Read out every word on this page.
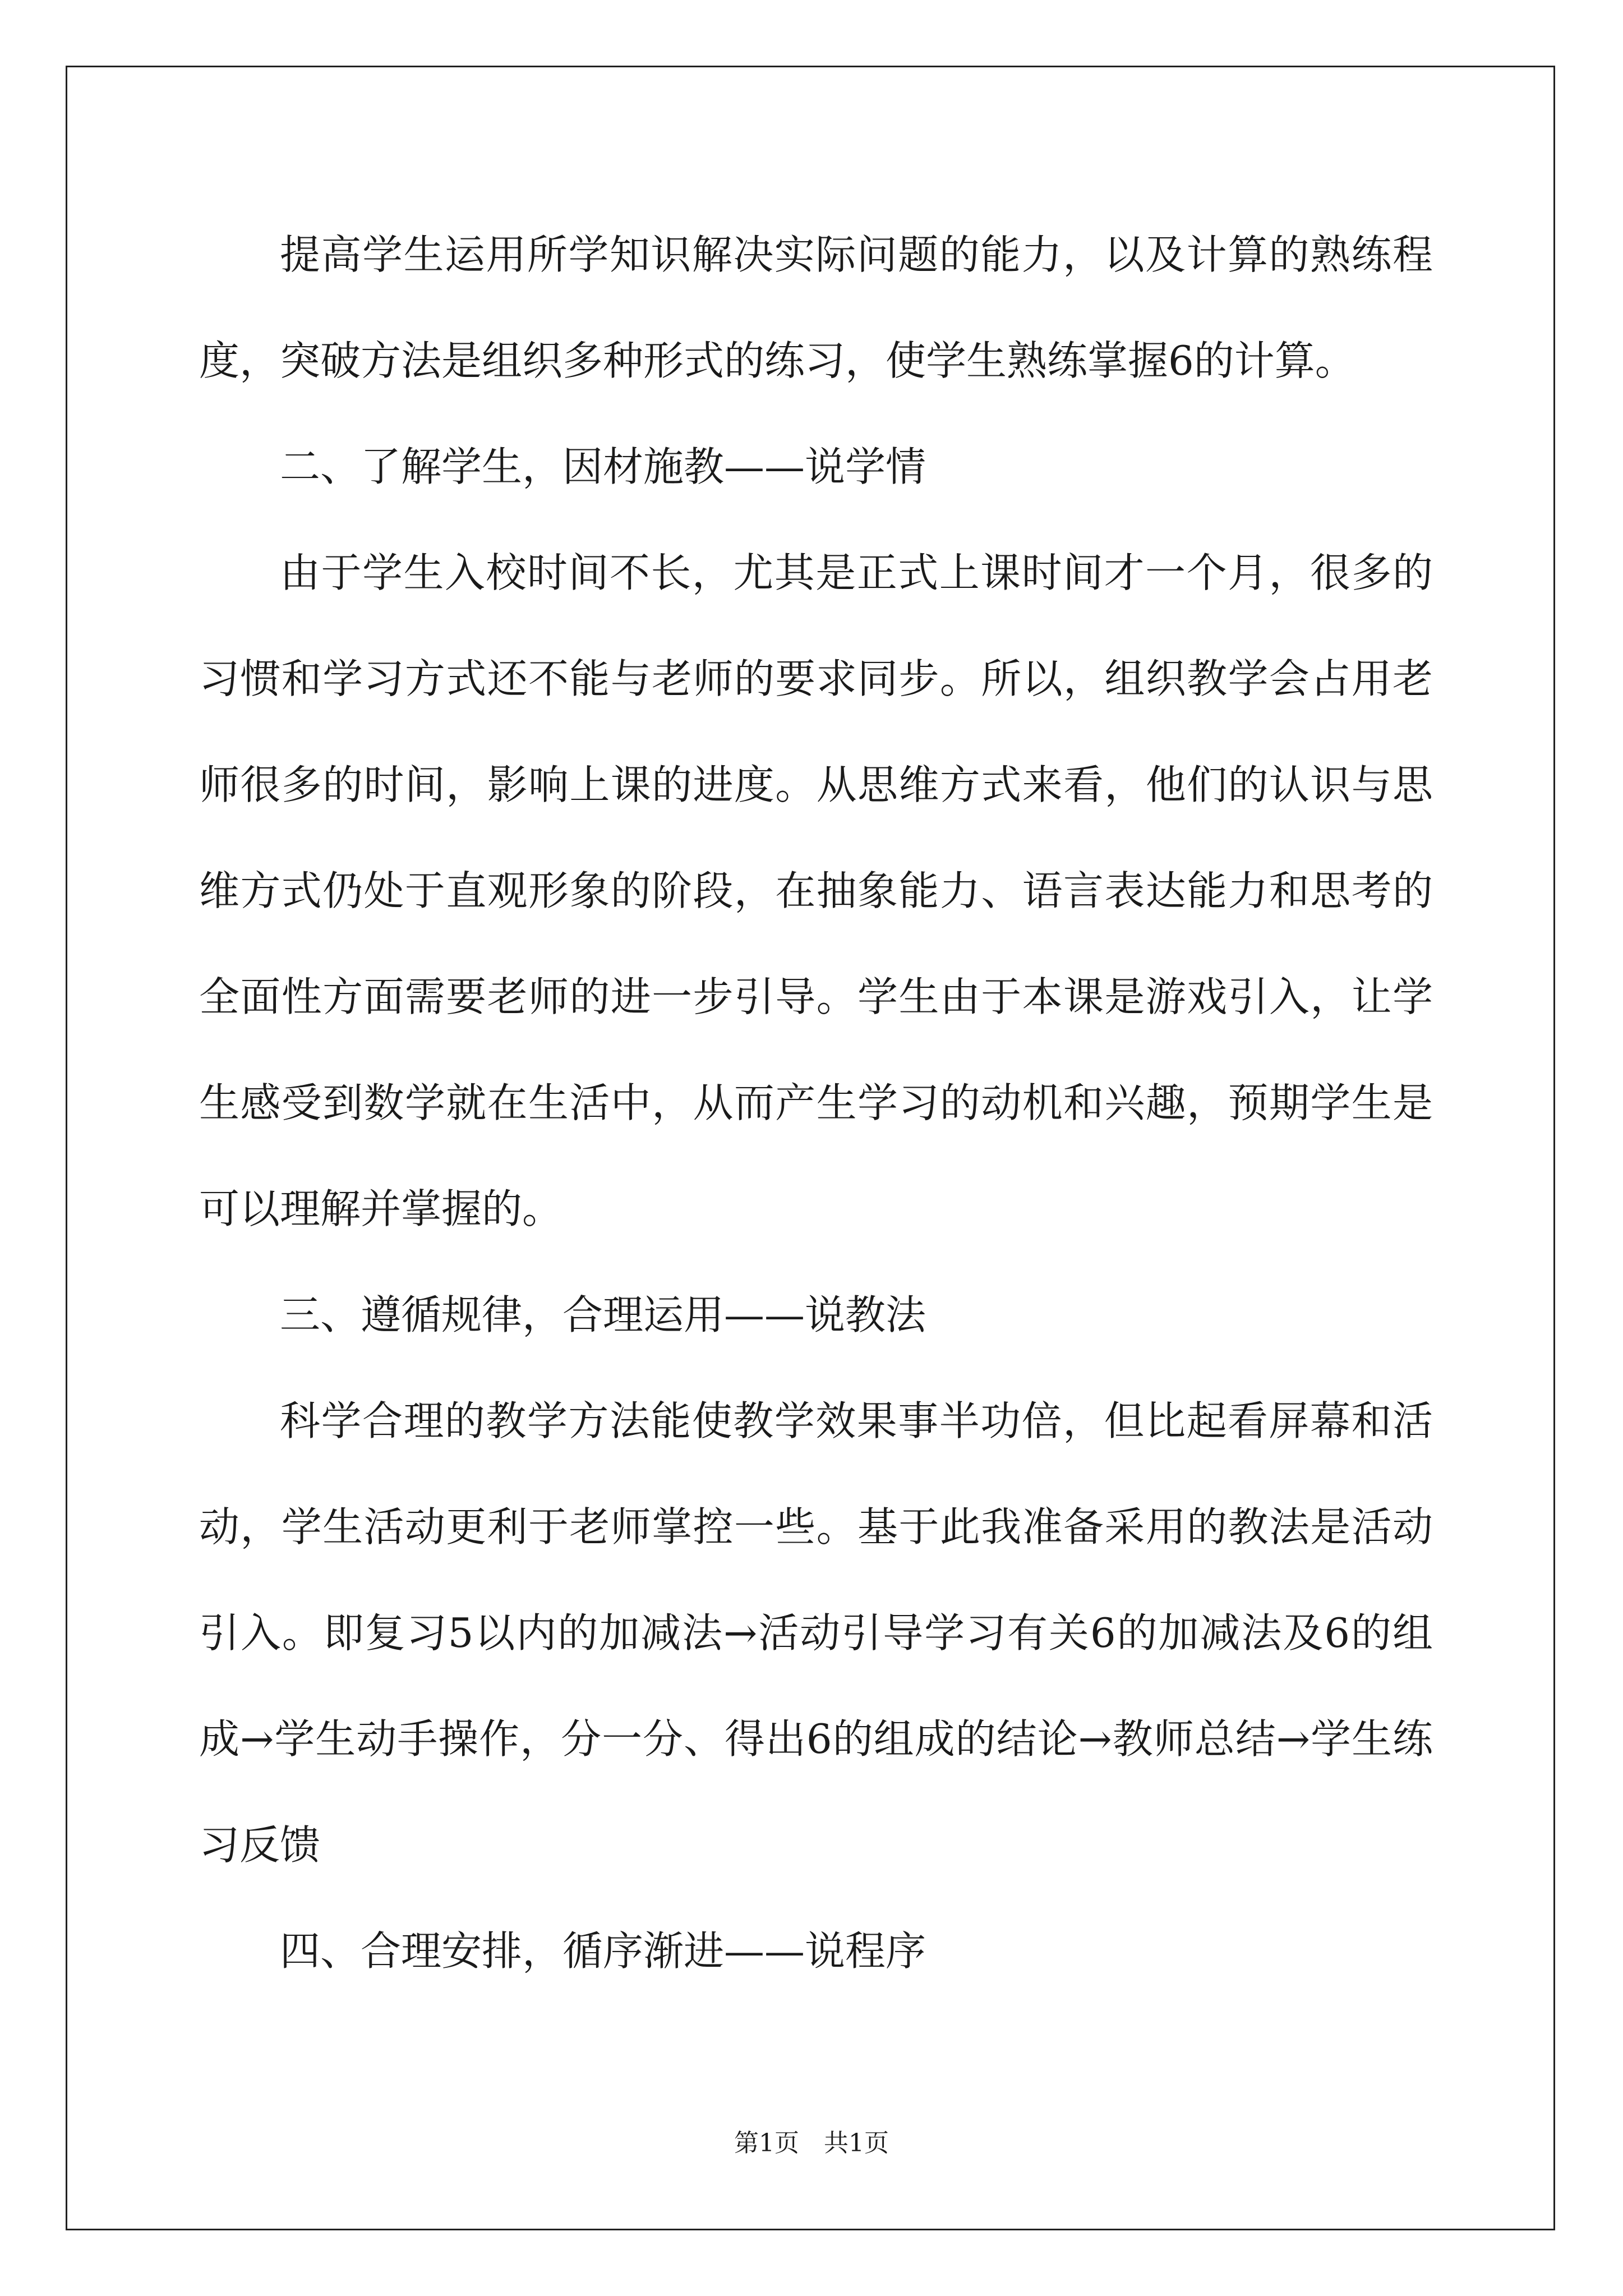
提高学生运用所学知识解决实际问题的能力，以及计算的熟练程度，突破方法是组织多种形式的练习，使学生熟练掌握6的计算。

二、了解学生，因材施教——说学情

由于学生入校时间不长，尤其是正式上课时间才一个月，很多的习惯和学习方式还不能与老师的要求同步。所以，组织教学会占用老师很多的时间，影响上课的进度。从思维方式来看，他们的认识与思维方式仍处于直观形象的阶段，在抽象能力、语言表达能力和思考的全面性方面需要老师的进一步引导。学生由于本课是游戏引入，让学生感受到数学就在生活中，从而产生学习的动机和兴趣，预期学生是可以理解并掌握的。

三、遵循规律，合理运用——说教法

科学合理的教学方法能使教学效果事半功倍，但比起看屏幕和活动，学生活动更利于老师掌控一些。基于此我准备采用的教法是活动引入。即复习5以内的加减法→活动引导学习有关6的加减法及6的组成→学生动手操作，分一分、得出6的组成的结论→教师总结→学生练习反馈

四、合理安排，循序渐进——说程序

第1页　共1页
